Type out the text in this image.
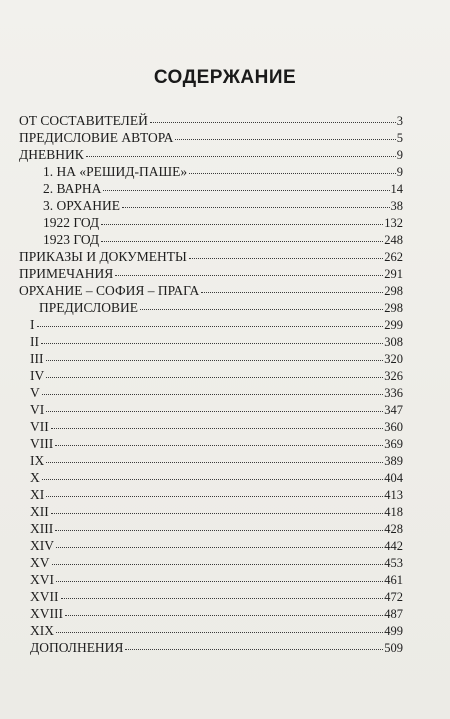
СОДЕРЖАНИЕ
ОТ СОСТАВИТЕЛЕЙ	3
ПРЕДИСЛОВИЕ АВТОРА	5
ДНЕВНИК	9
1. НА «РЕШИД-ПАШЕ»	9
2. ВАРНА	14
3. ОРХАНИЕ	38
1922 ГОД	132
1923 ГОД	248
ПРИКАЗЫ И ДОКУМЕНТЫ	262
ПРИМЕЧАНИЯ	291
ОРХАНИЕ – СОФИЯ – ПРАГА	298
ПРЕДИСЛОВИЕ	298
I	299
II	308
III	320
IV	326
V	336
VI	347
VII	360
VIII	369
IX	389
X	404
XI	413
XII	418
XIII	428
XIV	442
XV	453
XVI	461
XVII	472
XVIII	487
XIX	499
ДОПОЛНЕНИЯ	509
